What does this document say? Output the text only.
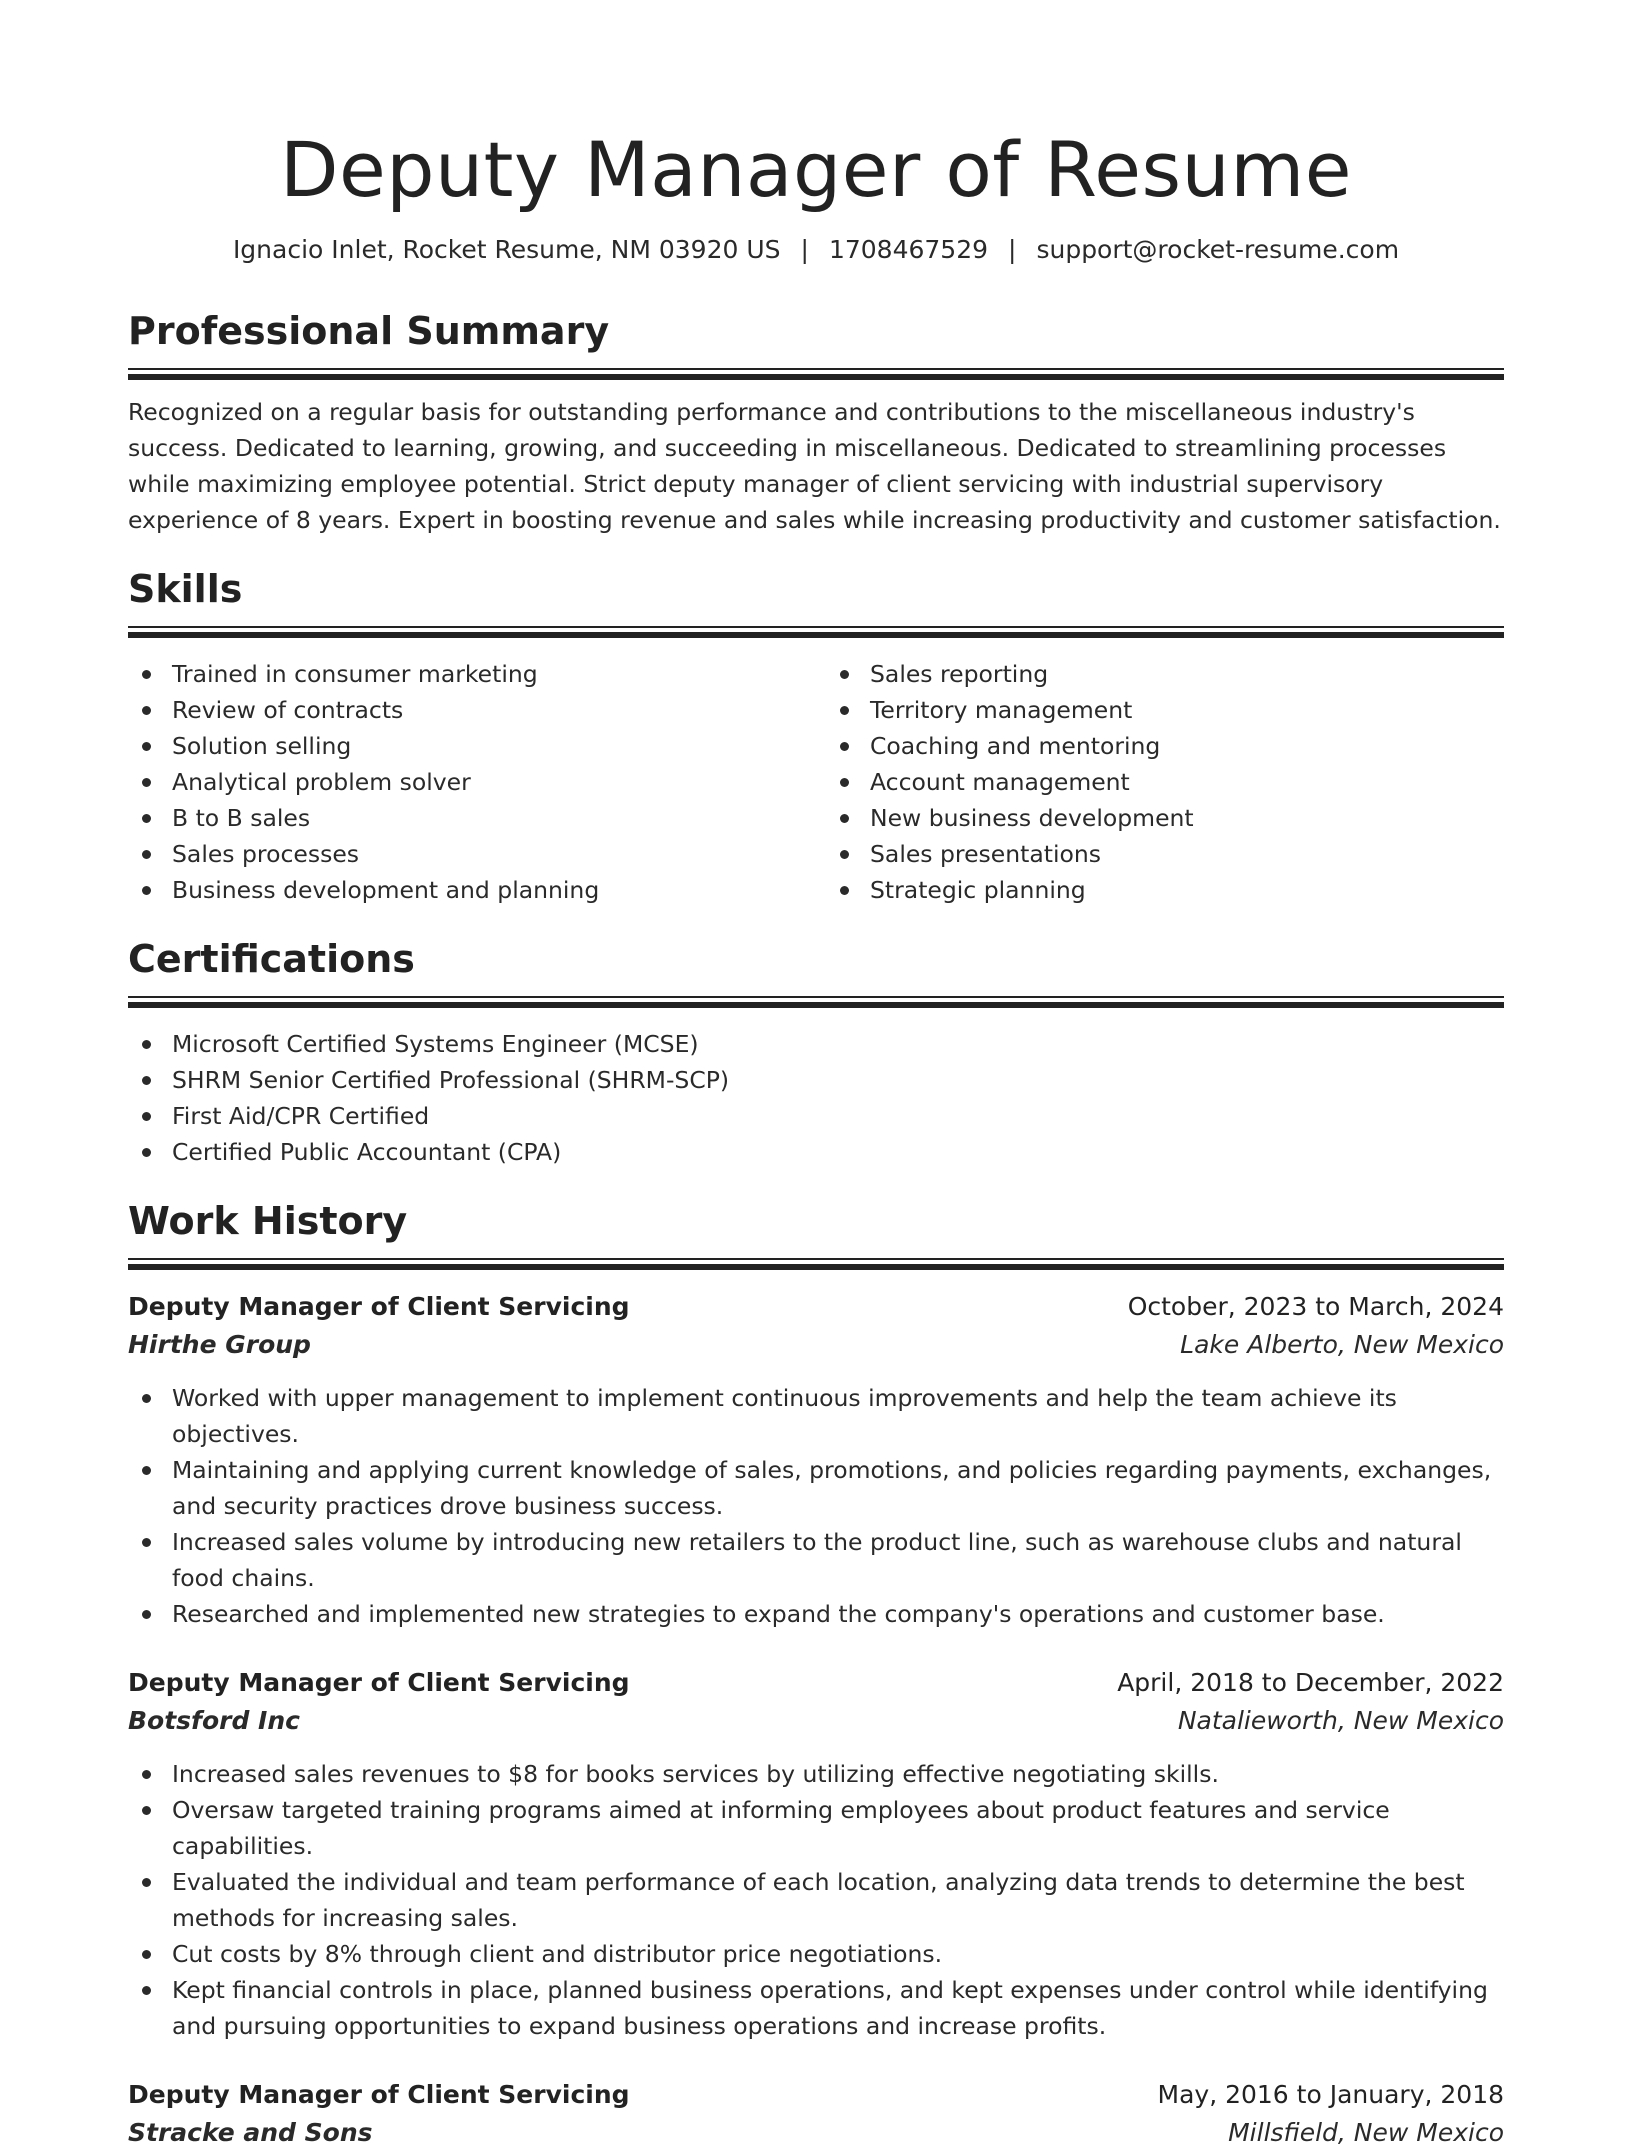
Deputy Manager of Resume
Ignacio Inlet, Rocket Resume, NM 03920 US | 1708467529 | support@rocket-resume.com
Professional Summary

Recognized on a regular basis for outstanding performance and contributions to the miscellaneous industry's success. Dedicated to learning, growing, and succeeding in miscellaneous. Dedicated to streamlining processes while maximizing employee potential. Strict deputy manager of client servicing with industrial supervisory experience of 8 years. Expert in boosting revenue and sales while increasing productivity and customer satisfaction.

Skills
Trained in consumer marketing
Review of contracts
Solution selling
Analytical problem solver
B to B sales
Sales processes
Business development and planning
Sales reporting
Territory management
Coaching and mentoring
Account management
New business development
Sales presentations
Strategic planning
Certifications
Microsoft Certified Systems Engineer (MCSE)
SHRM Senior Certified Professional (SHRM-SCP)
First Aid/CPR Certified
Certified Public Accountant (CPA)
Work History
Deputy Manager of Client Servicing	October, 2023 to March, 2024
Hirthe Group	Lake Alberto, New Mexico
Worked with upper management to implement continuous improvements and help the team achieve its objectives.
Maintaining and applying current knowledge of sales, promotions, and policies regarding payments, exchanges, and security practices drove business success.
Increased sales volume by introducing new retailers to the product line, such as warehouse clubs and natural food chains.
Researched and implemented new strategies to expand the company's operations and customer base.
Deputy Manager of Client Servicing	April, 2018 to December, 2022
Botsford Inc	Natalieworth, New Mexico
Increased sales revenues to $8 for books services by utilizing effective negotiating skills.
Oversaw targeted training programs aimed at informing employees about product features and service capabilities.
Evaluated the individual and team performance of each location, analyzing data trends to determine the best methods for increasing sales.
Cut costs by 8% through client and distributor price negotiations.
Kept financial controls in place, planned business operations, and kept expenses under control while identifying and pursuing opportunities to expand business operations and increase profits.
Deputy Manager of Client Servicing	May, 2016 to January, 2018
Stracke and Sons	Millsfield, New Mexico
